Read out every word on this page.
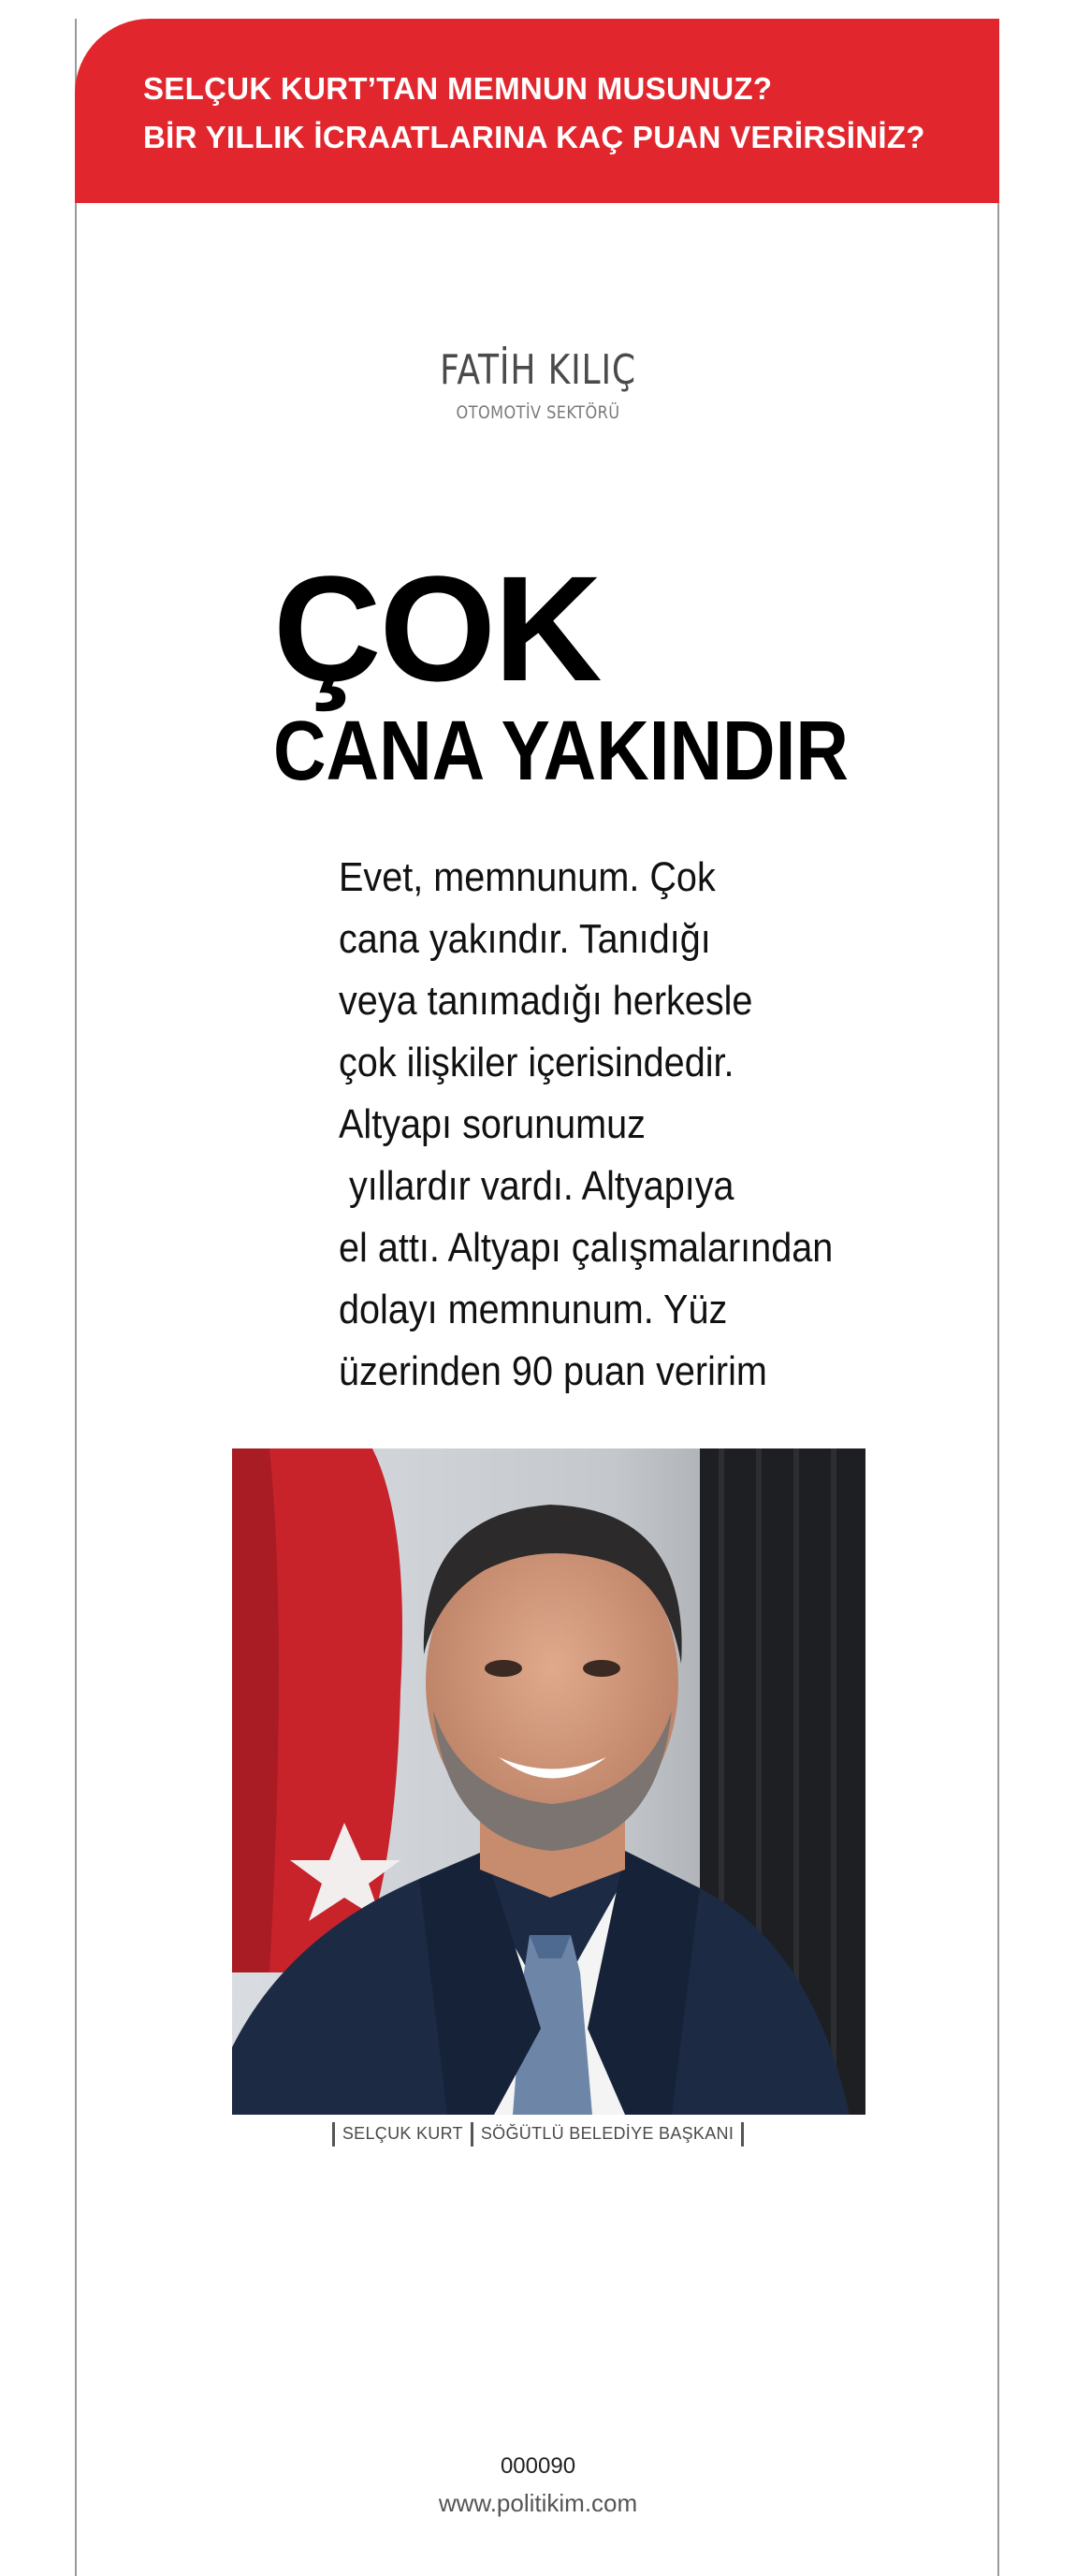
SELÇUK KURT’TAN MEMNUN MUSUNUZ?
BİR YILLIK İCRAATLARINA KAÇ PUAN VERİRSİNİZ?
FATİH KILIÇ
OTOMOTİV SEKTÖRÜ
ÇOK
CANA YAKINDIR
Evet, memnunum. Çok
cana yakındır. Tanıdığı
veya tanımadığı herkesle
çok ilişkiler içerisindedir.
Altyapı sorunumuz
yıllardır vardı. Altyapıya
el attı. Altyapı çalışmalarından
dolayı memnunum. Yüz
üzerinden 90 puan veririm
SELÇUK KURT SÖĞÜTLÜ BELEDİYE BAŞKANI
000090
www.politikim.com
